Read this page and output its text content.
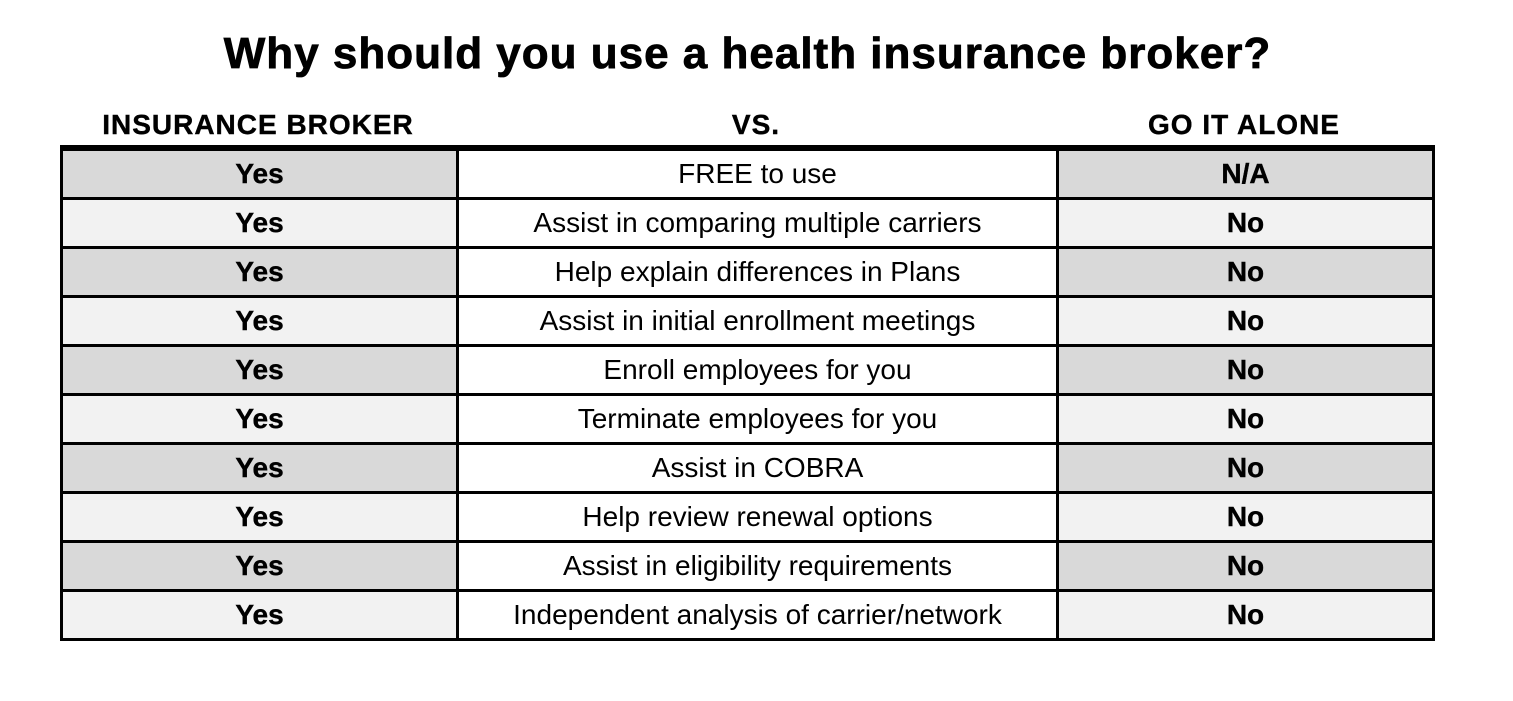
Why should you use a health insurance broker?
INSURANCE BROKER	VS.	GO IT ALONE
Yes	FREE to use	N/A
Yes	Assist in comparing multiple carriers	No
Yes	Help explain differences in Plans	No
Yes	Assist in initial enrollment meetings	No
Yes	Enroll employees for you	No
Yes	Terminate employees for you	No
Yes	Assist in COBRA	No
Yes	Help review renewal options	No
Yes	Assist in eligibility requirements	No
Yes	Independent analysis of carrier/network	No
